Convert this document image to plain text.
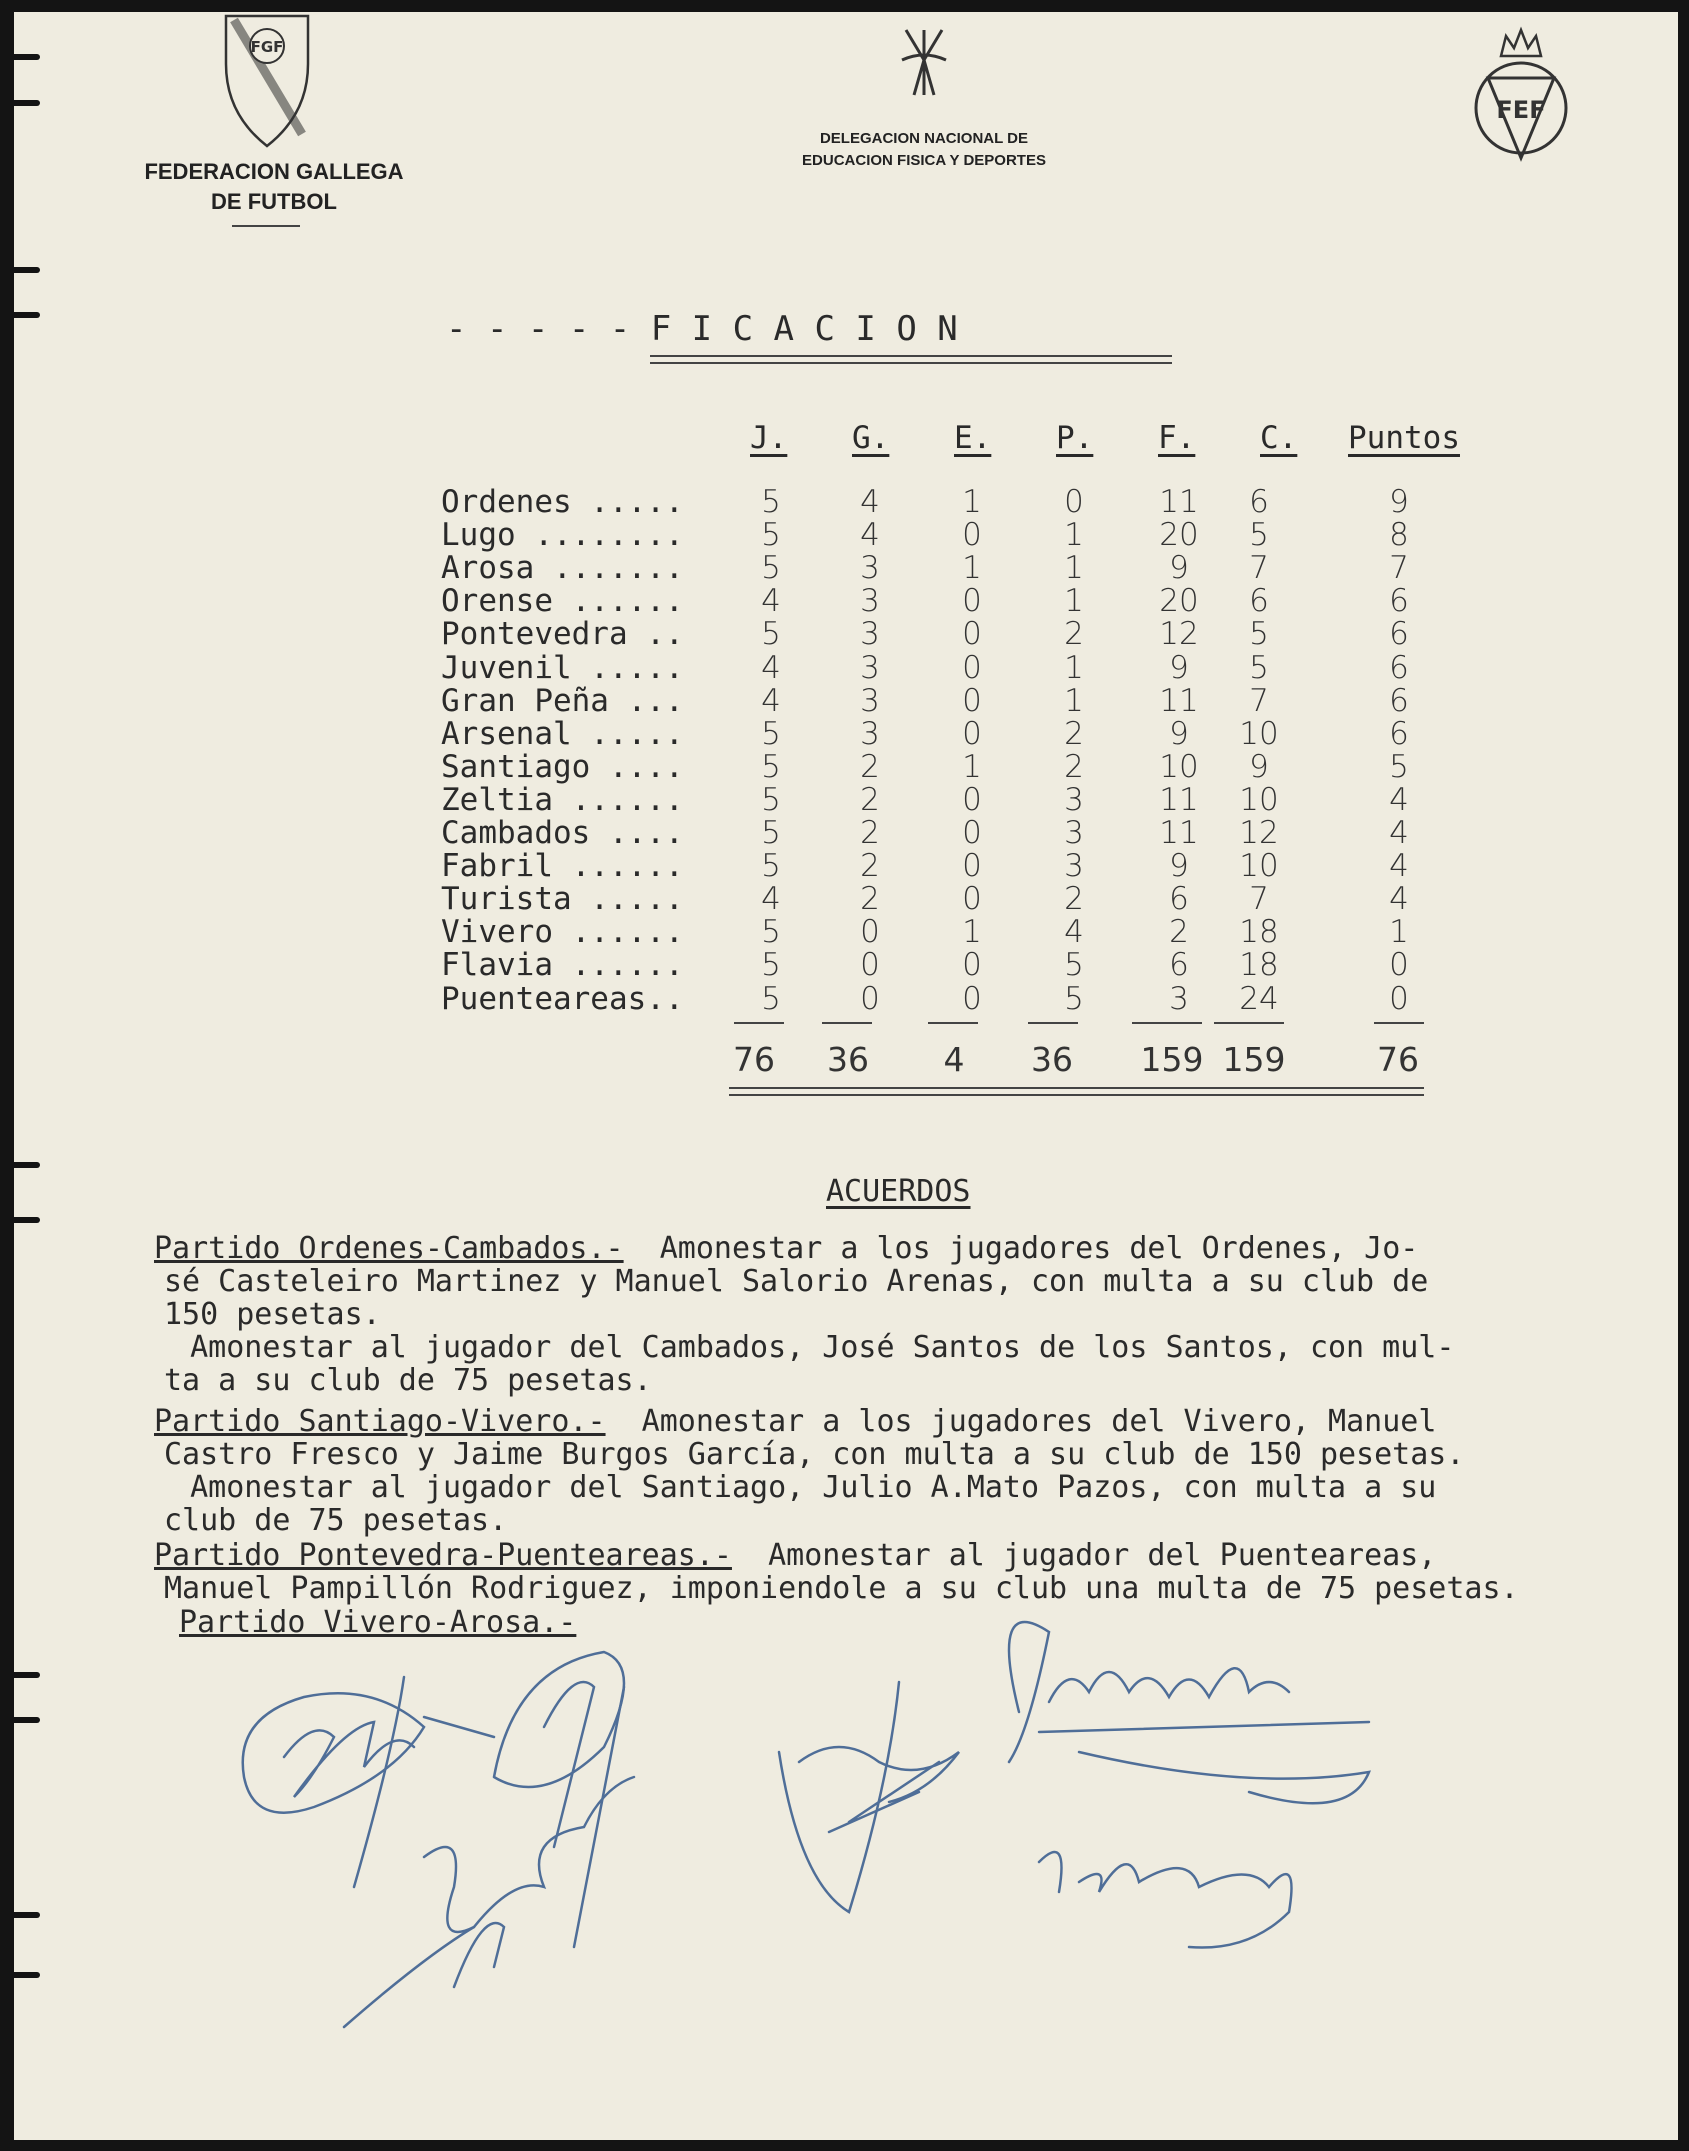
FGF
FEDERACION GALLEGA
DE FUTBOL
DELEGACION NACIONAL DE
EDUCACION FISICA Y DEPORTES
FEF
- - - - - F I C A C I O N
J. G. E. P. F. C. Puntos
Ordenes .....	5	4	1	0	11	6	9
Lugo ........	5	4	0	1	20	5	8
Arosa .......	5	3	1	1	9	7	7
Orense ......	4	3	0	1	20	6	6
Pontevedra ..	5	3	0	2	12	5	6
Juvenil .....	4	3	0	1	9	5	6
Gran Peña ...	4	3	0	1	11	7	6
Arsenal .....	5	3	0	2	9	10	6
Santiago ....	5	2	1	2	10	9	5
Zeltia ......	5	2	0	3	11	10	4
Cambados ....	5	2	0	3	11	12	4
Fabril ......	5	2	0	3	9	10	4
Turista .....	4	2	0	2	6	7	4
Vivero ......	5	0	1	4	2	18	1
Flavia ......	5	0	0	5	6	18	0
Puenteareas..	5	0	0	5	3	24	0
76	36	4	36	159 159	76
ACUERDOS
Partido Ordenes-Cambados.-  Amonestar a los jugadores del Ordenes, Jo-
sé Casteleiro Martinez y Manuel Salorio Arenas, con multa a su club de
150 pesetas.
Amonestar al jugador del Cambados, José Santos de los Santos, con mul-
ta a su club de 75 pesetas.
Partido Santiago-Vivero.-  Amonestar a los jugadores del Vivero, Manuel
Castro Fresco y Jaime Burgos García, con multa a su club de 150 pesetas.
Amonestar al jugador del Santiago, Julio A.Mato Pazos, con multa a su
club de 75 pesetas.
Partido Pontevedra-Puenteareas.-  Amonestar al jugador del Puenteareas,
Manuel Pampillón Rodriguez, imponiendole a su club una multa de 75 pesetas.
Partido Vivero-Arosa.-
